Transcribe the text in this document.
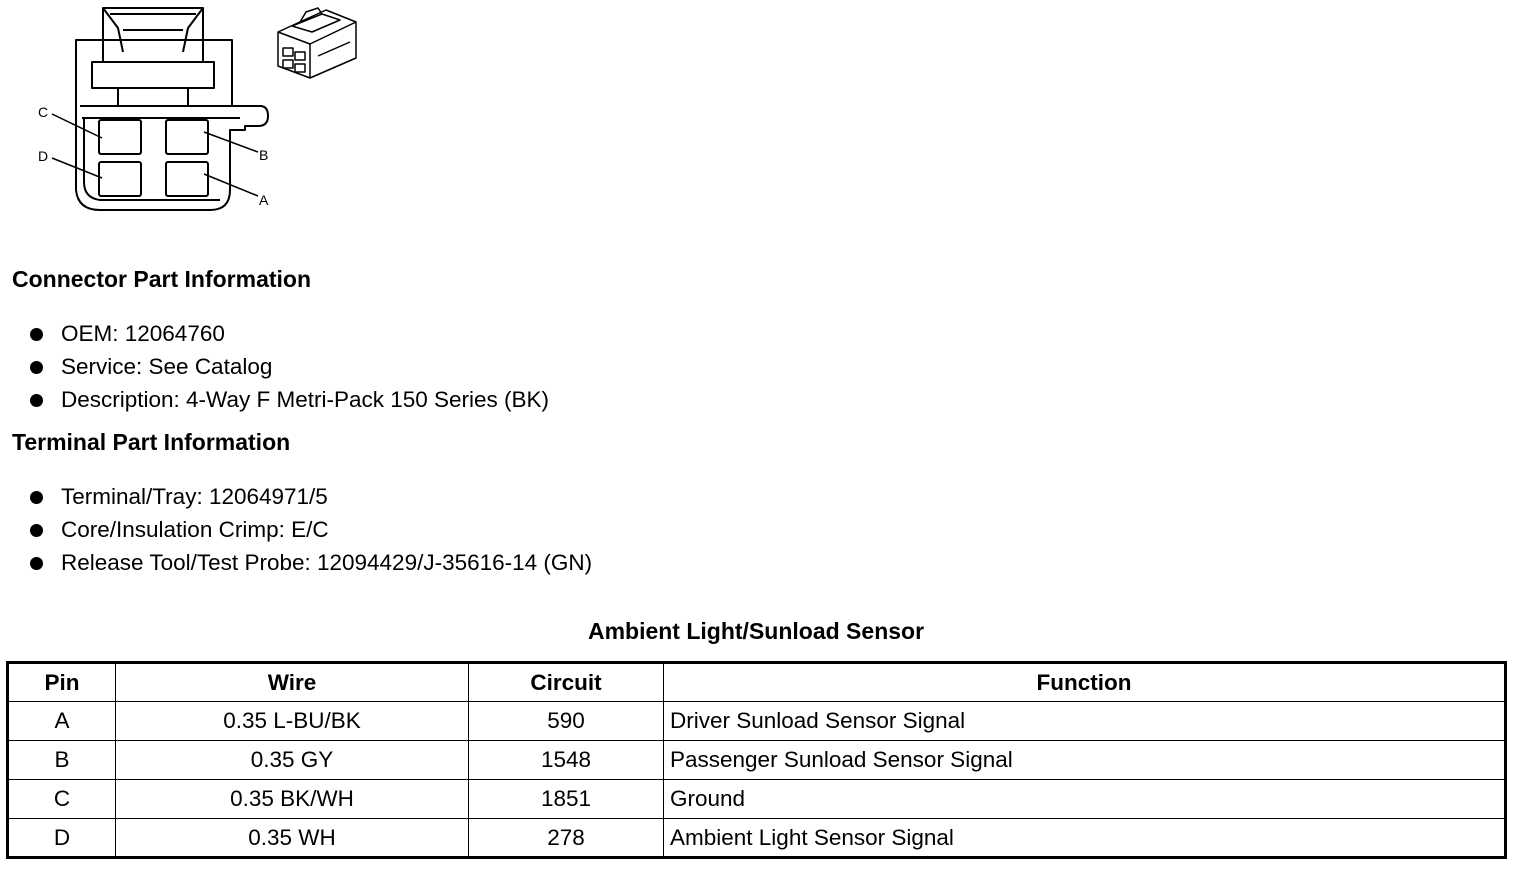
C
D	B
A
Connector Part Information
OEM: 12064760
Service: See Catalog
Description: 4-Way F Metri-Pack 150 Series (BK)
Terminal Part Information
Terminal/Tray: 12064971/5
Core/Insulation Crimp: E/C
Release Tool/Test Probe: 12094429/J-35616-14 (GN)
Ambient Light/Sunload Sensor
Pin	Wire	Circuit	Function
A	0.35 L-BU/BK	590	Driver Sunload Sensor Signal
B	0.35 GY	1548	Passenger Sunload Sensor Signal
C	0.35 BK/WH	1851	Ground
D	0.35 WH	278	Ambient Light Sensor Signal
